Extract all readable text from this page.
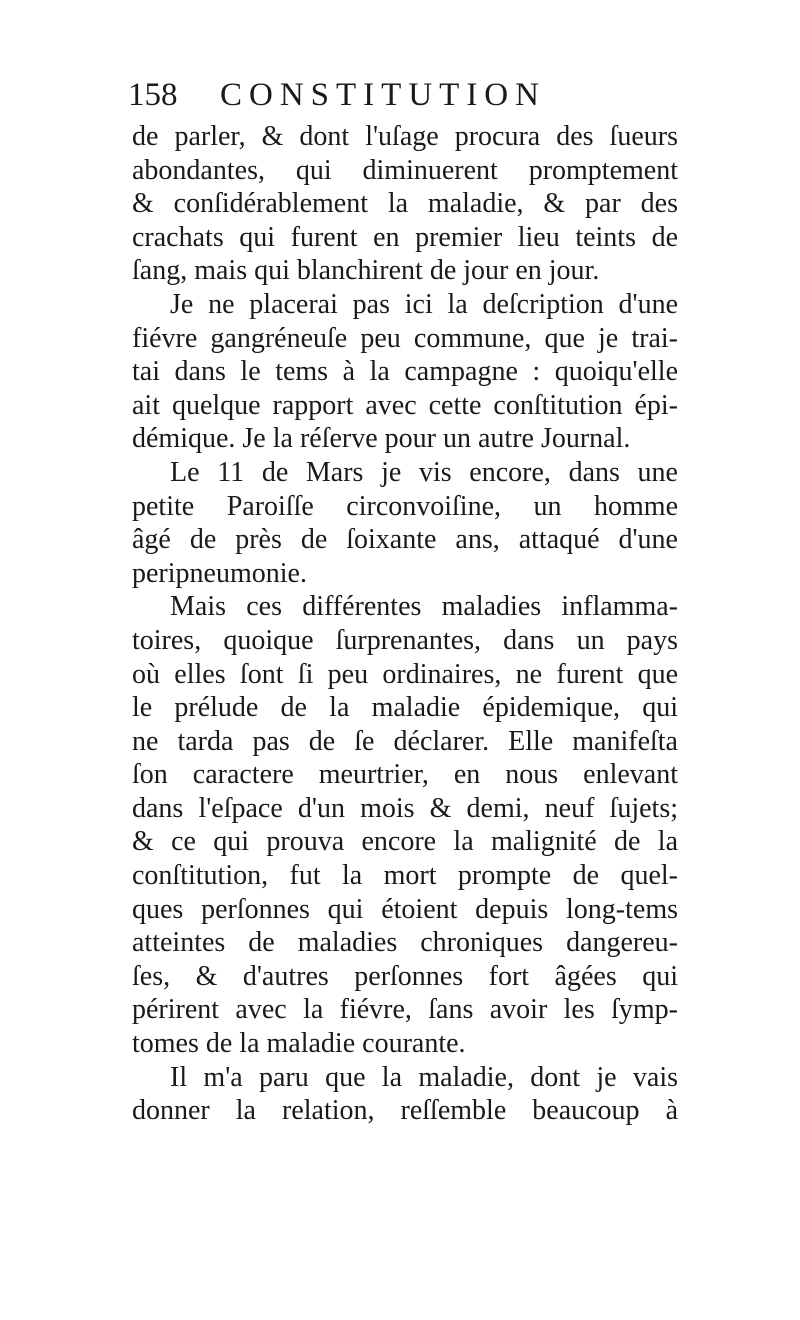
158 CONSTITUTION
de parler, & dont l'uſage procura des ſueurs
abondantes, qui diminuerent promptement
& conſidérablement la maladie, & par des
crachats qui furent en premier lieu teints de
ſang, mais qui blanchirent de jour en jour.
Je ne placerai pas ici la deſcription d'une
fiévre gangréneuſe peu commune, que je trai-
tai dans le tems à la campagne : quoiqu'elle
ait quelque rapport avec cette conſtitution épi-
démique. Je la réſerve pour un autre Journal.
Le 11 de Mars je vis encore, dans une
petite Paroiſſe circonvoiſine, un homme
âgé de près de ſoixante ans, attaqué d'une
peripneumonie.
Mais ces différentes maladies inflamma-
toires, quoique ſurprenantes, dans un pays
où elles ſont ſi peu ordinaires, ne furent que
le prélude de la maladie épidemique, qui
ne tarda pas de ſe déclarer. Elle manifeſta
ſon caractere meurtrier, en nous enlevant
dans l'eſpace d'un mois & demi, neuf ſujets;
& ce qui prouva encore la malignité de la
conſtitution, fut la mort prompte de quel-
ques perſonnes qui étoient depuis long-tems
atteintes de maladies chroniques dangereu-
ſes, & d'autres perſonnes fort âgées qui
périrent avec la fiévre, ſans avoir les ſymp-
tomes de la maladie courante.
Il m'a paru que la maladie, dont je vais
donner la relation, reſſemble beaucoup à
